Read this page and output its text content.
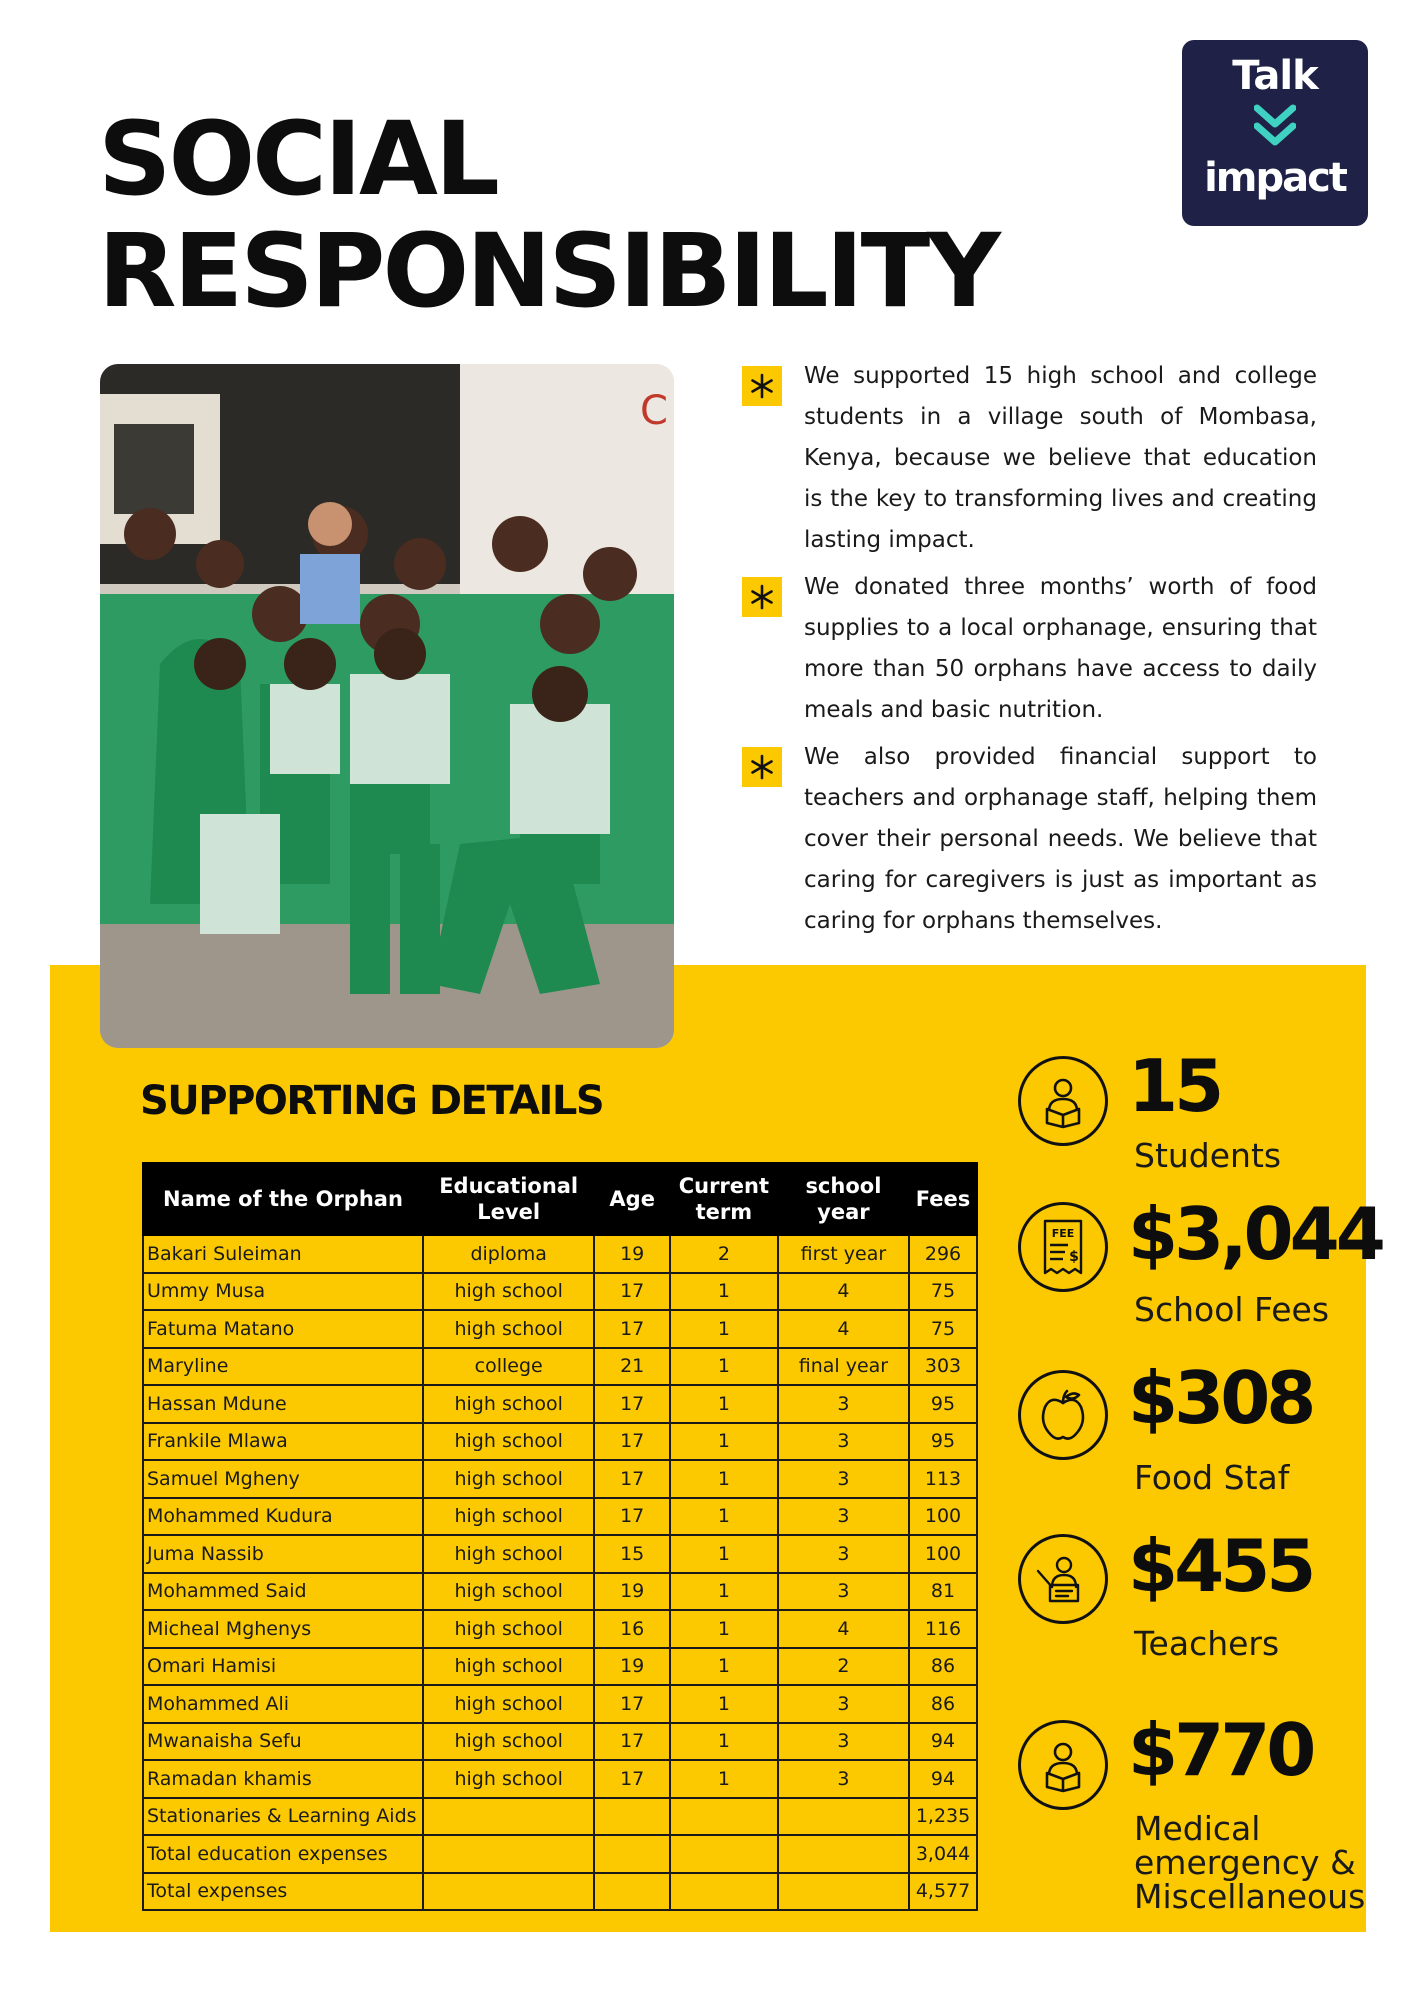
SOCIAL
RESPONSIBILITY
Talk
impact
C
We supported 15 high school and college students in a village south of Mombasa, Kenya, because we believe that education is the key to transforming lives and creating lasting impact.
We donated three months’ worth of food supplies to a local orphanage, ensuring that more than 50 orphans have access to daily meals and basic nutrition.
We also provided financial support to teachers and orphanage staff, helping them cover their personal needs. We believe that caring for caregivers is just as important as caring for orphans themselves.
SUPPORTING DETAILS
Name of the Orphan	Educational Level	Age	Current term	school year	Fees
Bakari Suleiman	diploma	19	2	first year	296
Ummy Musa	high school	17	1	4	75
Fatuma Matano	high school	17	1	4	75
Maryline	college	21	1	final year	303
Hassan Mdune	high school	17	1	3	95
Frankile Mlawa	high school	17	1	3	95
Samuel Mgheny	high school	17	1	3	113
Mohammed Kudura	high school	17	1	3	100
Juma Nassib	high school	15	1	3	100
Mohammed Said	high school	19	1	3	81
Micheal Mghenys	high school	16	1	4	116
Omari Hamisi	high school	19	1	2	86
Mohammed Ali	high school	17	1	3	86
Mwanaisha Sefu	high school	17	1	3	94
Ramadan khamis	high school	17	1	3	94
Stationaries & Learning Aids					1,235
Total education expenses					3,044
Total expenses					4,577
15
Students
FEE
$ $3,044
School Fees
$308
Food Staf
$455
Teachers
$770
Medical
emergency &
Miscellaneous
